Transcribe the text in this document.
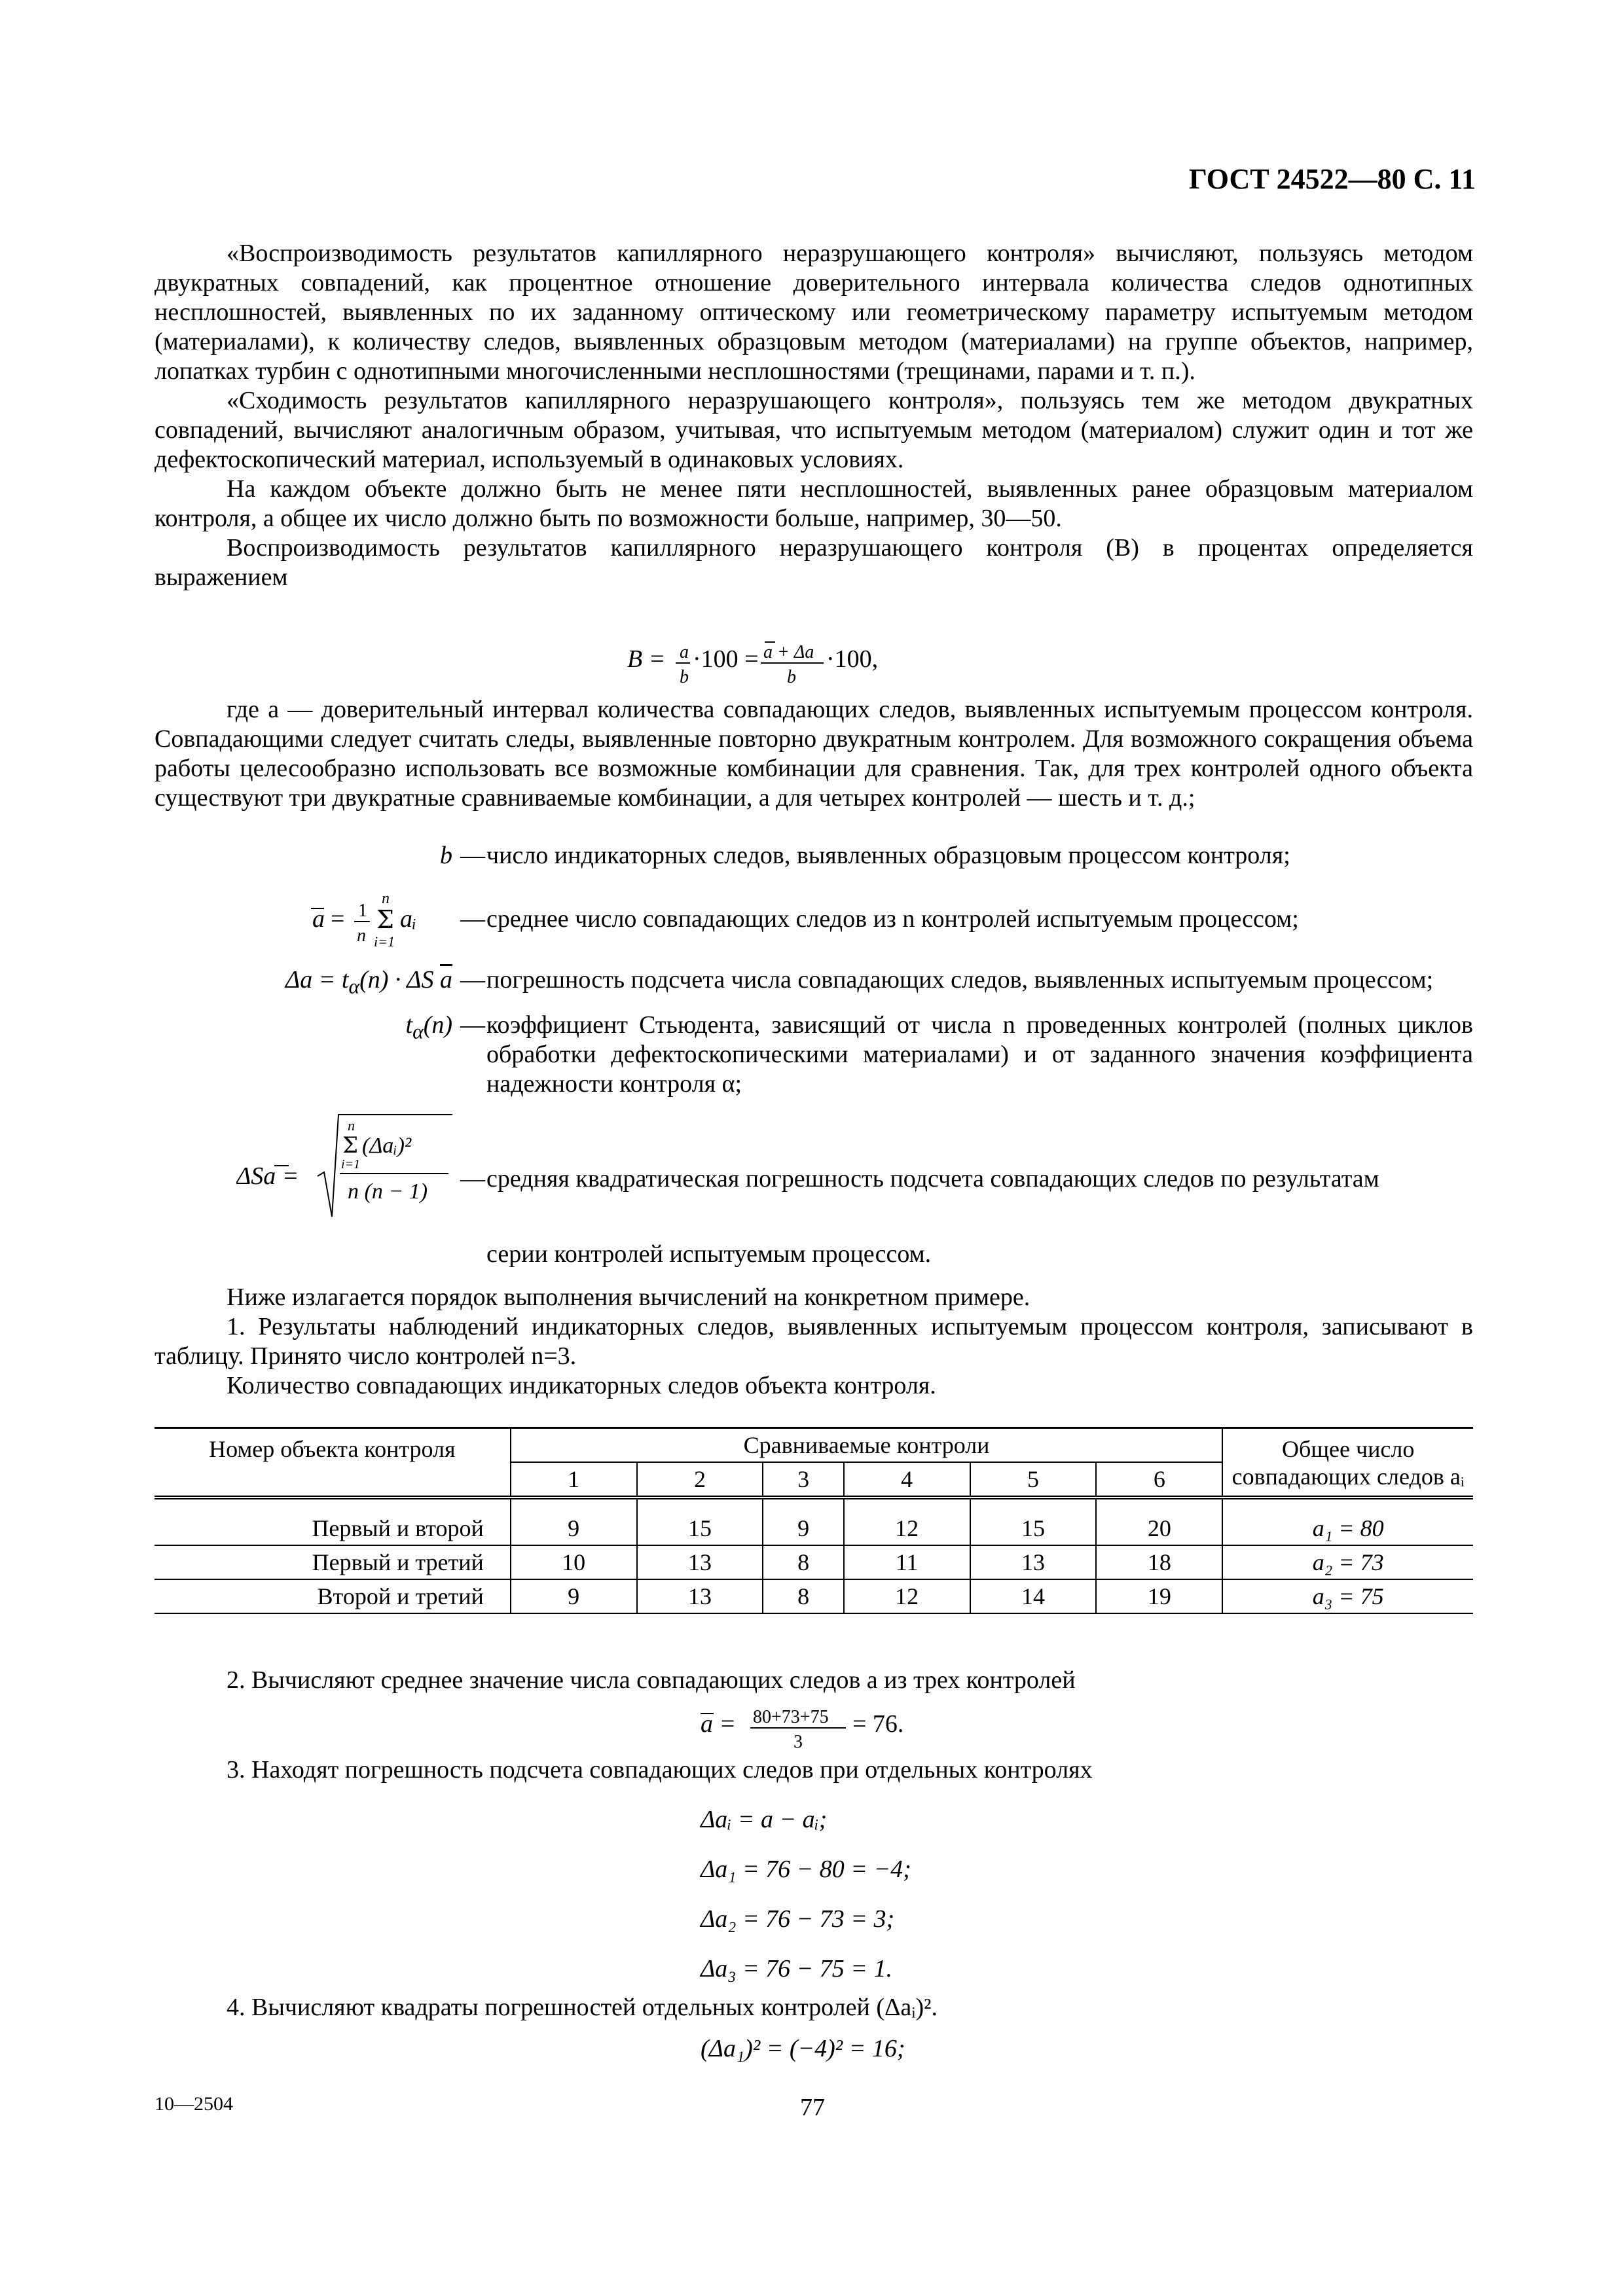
ГОСТ 24522—80 С. 11

«Воспроизводимость результатов капиллярного неразрушающего контроля» вычисляют, пользуясь методом двукратных совпадений, как процентное отношение доверительного интервала количества следов однотипных несплошностей, выявленных по их заданному оптическому или геометрическому параметру испытуемым методом (материалами), к количеству следов, выявленных образцовым методом (материалами) на группе объектов, например, лопатках турбин с однотипными многочисленными несплошностями (трещинами, парами и т. п.).

«Сходимость результатов капиллярного неразрушающего контроля», пользуясь тем же методом двукратных совпадений, вычисляют аналогичным образом, учитывая, что испытуемым методом (материалом) служит один и тот же дефектоскопический материал, используемый в одинаковых условиях.

На каждом объекте должно быть не менее пяти несплошностей, выявленных ранее образцовым материалом контроля, а общее их число должно быть по возможности больше, например, 30—50.

Воспроизводимость результатов капиллярного неразрушающего контроля (B) в процентах определяется выражением

B = a
b
·100 = a + Δa
b
·100,

где a — доверительный интервал количества совпадающих следов, выявленных испытуемым процессом контроля. Совпадающими следует считать следы, выявленные повторно двукратным контролем. Для возможного сокращения объема работы целесообразно использовать все возможные комбинации для сравнения. Так, для трех контролей одного объекта существуют три двукратные сравниваемые комбинации, а для четырех контролей — шесть и т. д.;

b — число индикаторных следов, выявленных образцовым процессом контроля;
a = 1
n
n
Σ
i=1
aᵢ — среднее число совпадающих следов из n контролей испытуемым процессом;
$\Delta a = t_\alpha(n) \cdot \Delta S$ $\overline{a}$ — погрешность подсчета числа совпадающих следов, выявленных испытуемым процессом;
$t_\alpha(n)$ — коэффициент Стьюдента, зависящий от числа n проведенных контролей (полных циклов обработки дефектоскопическими материалами) и от заданного значения коэффициента надежности контроля α;
ΔSa =
n
Σ (Δaᵢ)²
i=1
n (n − 1) — средняя квадратическая погрешность подсчета совпадающих следов по результатам
серии контролей испытуемым процессом.

Ниже излагается порядок выполнения вычислений на конкретном примере.

1. Результаты наблюдений индикаторных следов, выявленных испытуемым процессом контроля, записывают в таблицу. Принято число контролей n=3.

Количество совпадающих индикаторных следов объекта контроля.

Номер объекта контроля	Сравниваемые контроли						Общее число совпадающих следов aᵢ
	1	2	3	4	5	6	

Первый и второй	9	15	9	12	15	20	a₁ = 80
Первый и третий	10	13	8	11	13	18	a₂ = 73
Второй и третий	9	13	8	12	14	19	a₃ = 75

2. Вычисляют среднее значение числа совпадающих следов a из трех контролей

a = 80+73+75
3
= 76.

3. Находят погрешность подсчета совпадающих следов при отдельных контролях

Δaᵢ = a − aᵢ;
Δa₁ = 76 − 80 = −4;
Δa₂ = 76 − 73 = 3;
Δa₃ = 76 − 75 = 1.

4. Вычисляют квадраты погрешностей отдельных контролей (Δaᵢ)².

(Δa₁)² = (−4)² = 16;
10—2504	77
